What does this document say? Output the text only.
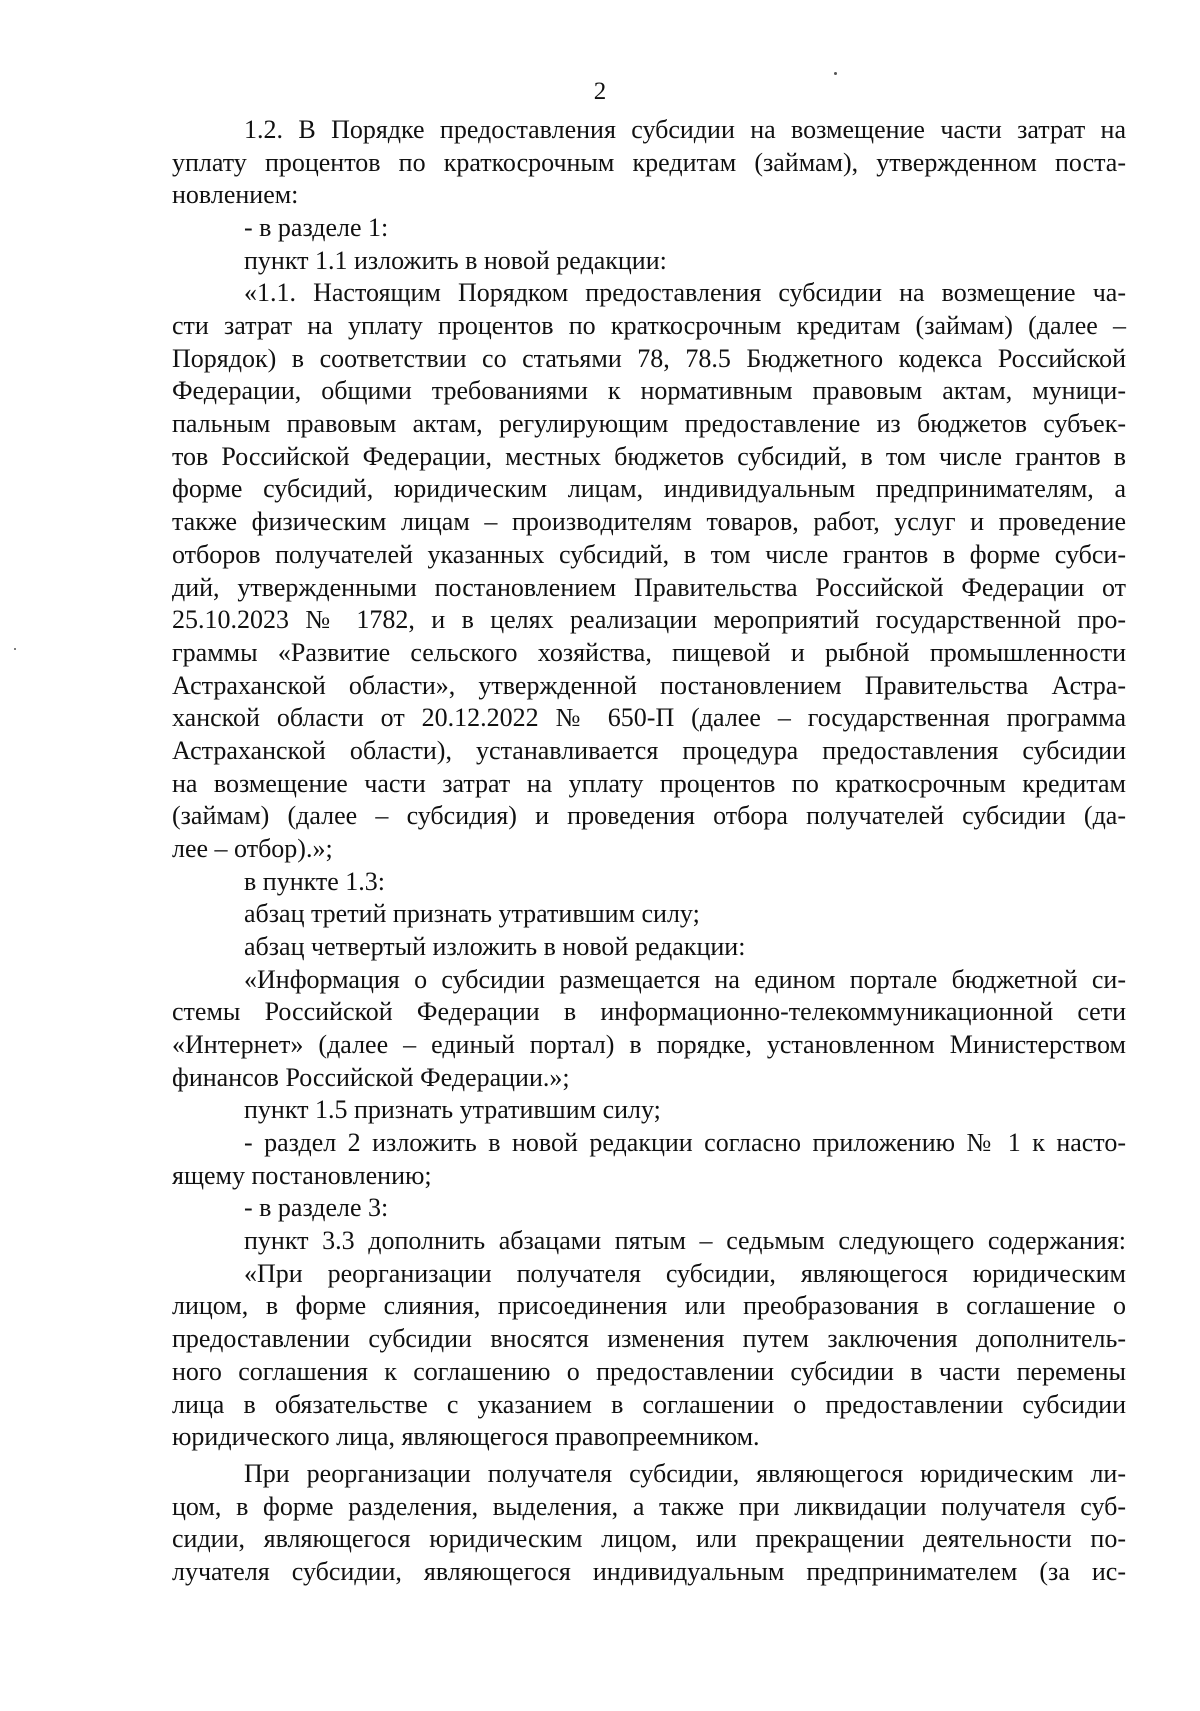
2
1.2. В Порядке предоставления субсидии на возмещение части затрат на
уплату процентов по краткосрочным кредитам (займам), утвержденном поста-
новлением:
- в разделе 1:
пункт 1.1 изложить в новой редакции:
«1.1. Настоящим Порядком предоставления субсидии на возмещение ча-
сти затрат на уплату процентов по краткосрочным кредитам (займам) (далее –
Порядок) в соответствии со статьями 78, 78.5 Бюджетного кодекса Российской
Федерации, общими требованиями к нормативным правовым актам, муници-
пальным правовым актам, регулирующим предоставление из бюджетов субъек-
тов Российской Федерации, местных бюджетов субсидий, в том числе грантов в
форме субсидий, юридическим лицам, индивидуальным предпринимателям, а
также физическим лицам – производителям товаров, работ, услуг и проведение
отборов получателей указанных субсидий, в том числе грантов в форме субси-
дий, утвержденными постановлением Правительства Российской Федерации от
25.10.2023 № 1782, и в целях реализации мероприятий государственной про-
граммы «Развитие сельского хозяйства, пищевой и рыбной промышленности
Астраханской области», утвержденной постановлением Правительства Астра-
ханской области от 20.12.2022 № 650-П (далее – государственная программа
Астраханской области), устанавливается процедура предоставления субсидии
на возмещение части затрат на уплату процентов по краткосрочным кредитам
(займам) (далее – субсидия) и проведения отбора получателей субсидии (да-
лее – отбор).»;
в пункте 1.3:
абзац третий признать утратившим силу;
абзац четвертый изложить в новой редакции:
«Информация о субсидии размещается на едином портале бюджетной си-
стемы Российской Федерации в информационно-телекоммуникационной сети
«Интернет» (далее – единый портал) в порядке, установленном Министерством
финансов Российской Федерации.»;
пункт 1.5 признать утратившим силу;
- раздел 2 изложить в новой редакции согласно приложению № 1 к насто-
ящему постановлению;
- в разделе 3:
пункт 3.3 дополнить абзацами пятым – седьмым следующего содержания:
«При реорганизации получателя субсидии, являющегося юридическим
лицом, в форме слияния, присоединения или преобразования в соглашение о
предоставлении субсидии вносятся изменения путем заключения дополнитель-
ного соглашения к соглашению о предоставлении субсидии в части перемены
лица в обязательстве с указанием в соглашении о предоставлении субсидии
юридического лица, являющегося правопреемником.
При реорганизации получателя субсидии, являющегося юридическим ли-
цом, в форме разделения, выделения, а также при ликвидации получателя суб-
сидии, являющегося юридическим лицом, или прекращении деятельности по-
лучателя субсидии, являющегося индивидуальным предпринимателем (за ис-
